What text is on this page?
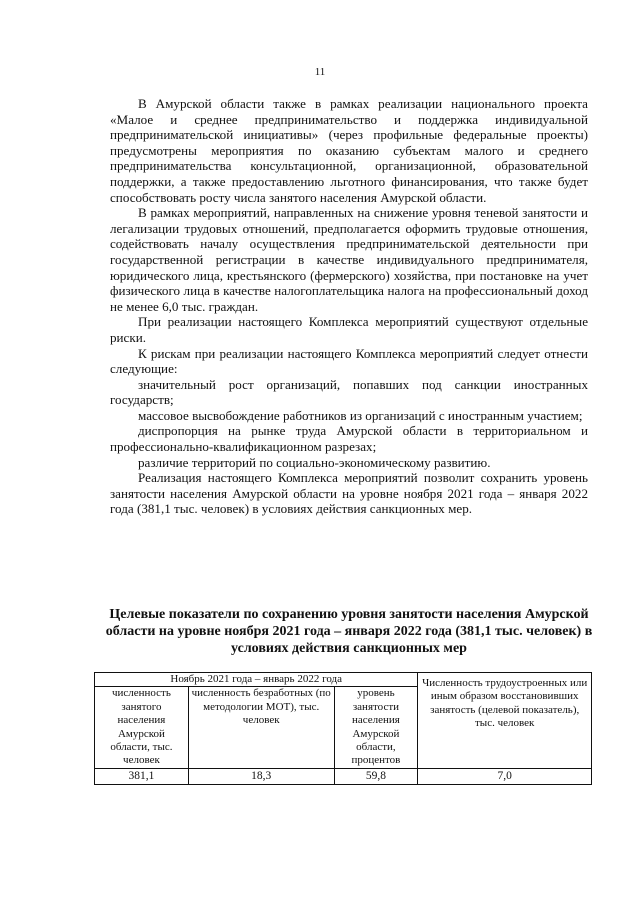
11

В Амурской области также в рамках реализации национального проекта «Малое и среднее предпринимательство и поддержка индивидуальной предпринимательской инициативы» (через профильные федеральные проекты) предусмотрены мероприятия по оказанию субъектам малого и среднего предпринимательства консультационной, организационной, образовательной поддержки, а также предоставлению льготного финансирования, что также будет способствовать росту числа занятого населения Амурской области.

В рамках мероприятий, направленных на снижение уровня теневой занятости и легализации трудовых отношений, предполагается оформить трудовые отношения, содействовать началу осуществления предпринимательской деятельности при государственной регистрации в качестве индивидуального предпринимателя, юридического лица, крестьянского (фермерского) хозяйства, при постановке на учет физического лица в качестве налогоплательщика налога на профессиональный доход не менее 6,0 тыс. граждан.

При реализации настоящего Комплекса мероприятий существуют отдельные риски.

К рискам при реализации настоящего Комплекса мероприятий следует отнести следующие:

значительный рост организаций, попавших под санкции иностранных государств;

массовое высвобождение работников из организаций с иностранным участием;

диспропорция на рынке труда Амурской области в территориальном и профессионально-квалификационном разрезах;

различие территорий по социально-экономическому развитию.

Реализация настоящего Комплекса мероприятий позволит сохранить уровень занятости населения Амурской области на уровне ноября 2021 года – января 2022 года (381,1 тыс. человек) в условиях действия санкционных мер.

Целевые показатели по сохранению уровня занятости населения Амурской области на уровне ноября 2021 года – января 2022 года (381,1 тыс. человек) в условиях действия санкционных мер
Ноябрь 2021 года – январь 2022 года			Численность трудоустроенных или иным образом восстановивших занятость (целевой показатель), тыс. человек
численность занятого населения Амурской области, тыс. человек	численность безработных (по методологии МОТ), тыс. человек	уровень занятости населения Амурской области, процентов	
381,1	18,3	59,8	7,0
